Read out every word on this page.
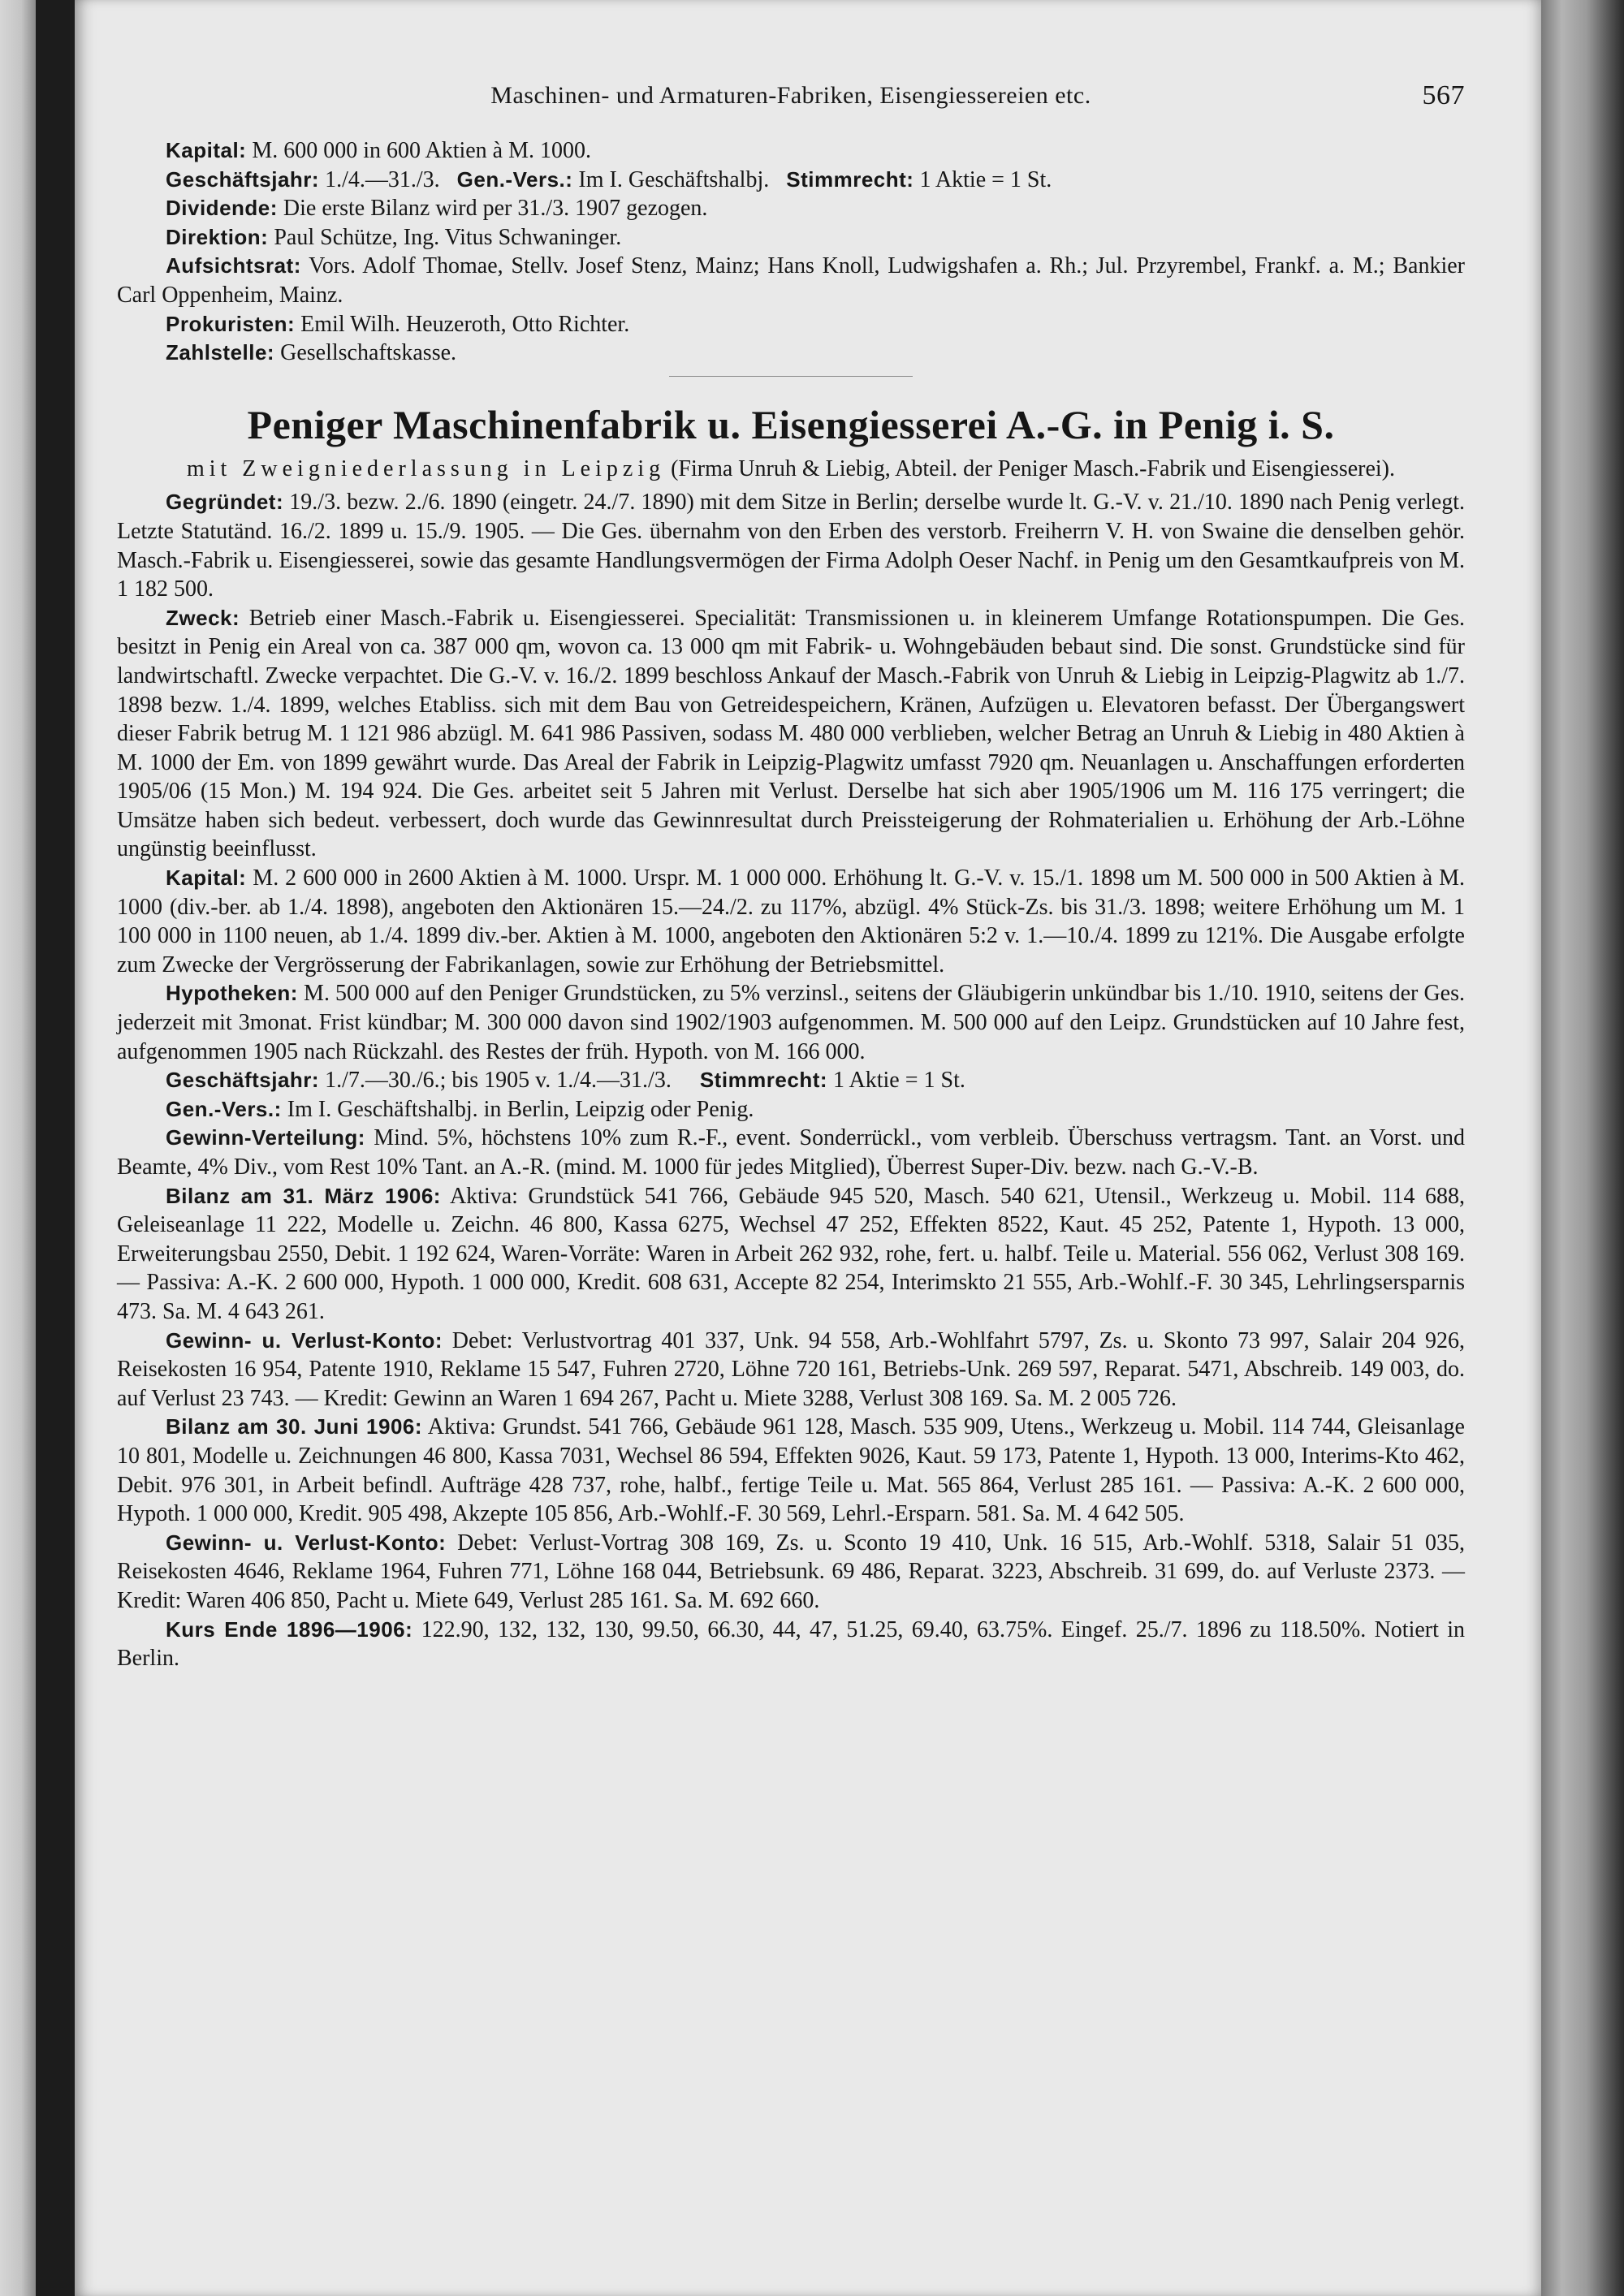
Maschinen- und Armaturen-Fabriken, Eisengiessereien etc.	567

Kapital: M. 600 000 in 600 Aktien à M. 1000.

Geschäftsjahr: 1./4.—31./3. Gen.-Vers.: Im I. Geschäftshalbj. Stimmrecht: 1 Aktie = 1 St.

Dividende: Die erste Bilanz wird per 31./3. 1907 gezogen.

Direktion: Paul Schütze, Ing. Vitus Schwaninger.

Aufsichtsrat: Vors. Adolf Thomae, Stellv. Josef Stenz, Mainz; Hans Knoll, Ludwigshafen a. Rh.; Jul. Przyrembel, Frankf. a. M.; Bankier Carl Oppenheim, Mainz.

Prokuristen: Emil Wilh. Heuzeroth, Otto Richter.

Zahlstelle: Gesellschaftskasse.

Peniger Maschinenfabrik u. Eisengiesserei A.-G. in Penig i. S.

mit Zweigniederlassung in Leipzig (Firma Unruh & Liebig, Abteil. der Peniger Masch.-Fabrik und Eisengiesserei).

Gegründet: 19./3. bezw. 2./6. 1890 (eingetr. 24./7. 1890) mit dem Sitze in Berlin; derselbe wurde lt. G.-V. v. 21./10. 1890 nach Penig verlegt. Letzte Statutänd. 16./2. 1899 u. 15./9. 1905. — Die Ges. übernahm von den Erben des verstorb. Freiherrn V. H. von Swaine die denselben gehör. Masch.-Fabrik u. Eisengiesserei, sowie das gesamte Handlungsvermögen der Firma Adolph Oeser Nachf. in Penig um den Gesamtkaufpreis von M. 1 182 500.

Zweck: Betrieb einer Masch.-Fabrik u. Eisengiesserei. Specialität: Transmissionen u. in kleinerem Umfange Rotationspumpen. Die Ges. besitzt in Penig ein Areal von ca. 387 000 qm, wovon ca. 13 000 qm mit Fabrik- u. Wohngebäuden bebaut sind. Die sonst. Grundstücke sind für landwirtschaftl. Zwecke verpachtet. Die G.-V. v. 16./2. 1899 beschloss Ankauf der Masch.-Fabrik von Unruh & Liebig in Leipzig-Plagwitz ab 1./7. 1898 bezw. 1./4. 1899, welches Etabliss. sich mit dem Bau von Getreidespeichern, Kränen, Aufzügen u. Elevatoren befasst. Der Übergangswert dieser Fabrik betrug M. 1 121 986 abzügl. M. 641 986 Passiven, sodass M. 480 000 verblieben, welcher Betrag an Unruh & Liebig in 480 Aktien à M. 1000 der Em. von 1899 gewährt wurde. Das Areal der Fabrik in Leipzig-Plagwitz umfasst 7920 qm. Neuanlagen u. Anschaffungen erforderten 1905/06 (15 Mon.) M. 194 924. Die Ges. arbeitet seit 5 Jahren mit Verlust. Derselbe hat sich aber 1905/1906 um M. 116 175 verringert; die Umsätze haben sich bedeut. verbessert, doch wurde das Gewinnresultat durch Preissteigerung der Rohmaterialien u. Erhöhung der Arb.-Löhne ungünstig beeinflusst.

Kapital: M. 2 600 000 in 2600 Aktien à M. 1000. Urspr. M. 1 000 000. Erhöhung lt. G.-V. v. 15./1. 1898 um M. 500 000 in 500 Aktien à M. 1000 (div.-ber. ab 1./4. 1898), angeboten den Aktionären 15.—24./2. zu 117%, abzügl. 4% Stück-Zs. bis 31./3. 1898; weitere Erhöhung um M. 1 100 000 in 1100 neuen, ab 1./4. 1899 div.-ber. Aktien à M. 1000, angeboten den Aktionären 5:2 v. 1.—10./4. 1899 zu 121%. Die Ausgabe erfolgte zum Zwecke der Vergrösserung der Fabrikanlagen, sowie zur Erhöhung der Betriebsmittel.

Hypotheken: M. 500 000 auf den Peniger Grundstücken, zu 5% verzinsl., seitens der Gläubigerin unkündbar bis 1./10. 1910, seitens der Ges. jederzeit mit 3monat. Frist kündbar; M. 300 000 davon sind 1902/1903 aufgenommen. M. 500 000 auf den Leipz. Grundstücken auf 10 Jahre fest, aufgenommen 1905 nach Rückzahl. des Restes der früh. Hypoth. von M. 166 000.

Geschäftsjahr: 1./7.—30./6.; bis 1905 v. 1./4.—31./3. Stimmrecht: 1 Aktie = 1 St.

Gen.-Vers.: Im I. Geschäftshalbj. in Berlin, Leipzig oder Penig.

Gewinn-Verteilung: Mind. 5%, höchstens 10% zum R.-F., event. Sonderrückl., vom verbleib. Überschuss vertragsm. Tant. an Vorst. und Beamte, 4% Div., vom Rest 10% Tant. an A.-R. (mind. M. 1000 für jedes Mitglied), Überrest Super-Div. bezw. nach G.-V.-B.

Bilanz am 31. März 1906: Aktiva: Grundstück 541 766, Gebäude 945 520, Masch. 540 621, Utensil., Werkzeug u. Mobil. 114 688, Geleiseanlage 11 222, Modelle u. Zeichn. 46 800, Kassa 6275, Wechsel 47 252, Effekten 8522, Kaut. 45 252, Patente 1, Hypoth. 13 000, Erweiterungsbau 2550, Debit. 1 192 624, Waren-Vorräte: Waren in Arbeit 262 932, rohe, fert. u. halbf. Teile u. Material. 556 062, Verlust 308 169. — Passiva: A.-K. 2 600 000, Hypoth. 1 000 000, Kredit. 608 631, Accepte 82 254, Interimskto 21 555, Arb.-Wohlf.-F. 30 345, Lehrlingsersparnis 473. Sa. M. 4 643 261.

Gewinn- u. Verlust-Konto: Debet: Verlustvortrag 401 337, Unk. 94 558, Arb.-Wohlfahrt 5797, Zs. u. Skonto 73 997, Salair 204 926, Reisekosten 16 954, Patente 1910, Reklame 15 547, Fuhren 2720, Löhne 720 161, Betriebs-Unk. 269 597, Reparat. 5471, Abschreib. 149 003, do. auf Verlust 23 743. — Kredit: Gewinn an Waren 1 694 267, Pacht u. Miete 3288, Verlust 308 169. Sa. M. 2 005 726.

Bilanz am 30. Juni 1906: Aktiva: Grundst. 541 766, Gebäude 961 128, Masch. 535 909, Utens., Werkzeug u. Mobil. 114 744, Gleisanlage 10 801, Modelle u. Zeichnungen 46 800, Kassa 7031, Wechsel 86 594, Effekten 9026, Kaut. 59 173, Patente 1, Hypoth. 13 000, Interims-Kto 462, Debit. 976 301, in Arbeit befindl. Aufträge 428 737, rohe, halbf., fertige Teile u. Mat. 565 864, Verlust 285 161. — Passiva: A.-K. 2 600 000, Hypoth. 1 000 000, Kredit. 905 498, Akzepte 105 856, Arb.-Wohlf.-F. 30 569, Lehrl.-Ersparn. 581. Sa. M. 4 642 505.

Gewinn- u. Verlust-Konto: Debet: Verlust-Vortrag 308 169, Zs. u. Sconto 19 410, Unk. 16 515, Arb.-Wohlf. 5318, Salair 51 035, Reisekosten 4646, Reklame 1964, Fuhren 771, Löhne 168 044, Betriebsunk. 69 486, Reparat. 3223, Abschreib. 31 699, do. auf Verluste 2373. — Kredit: Waren 406 850, Pacht u. Miete 649, Verlust 285 161. Sa. M. 692 660.

Kurs Ende 1896—1906: 122.90, 132, 132, 130, 99.50, 66.30, 44, 47, 51.25, 69.40, 63.75%. Eingef. 25./7. 1896 zu 118.50%. Notiert in Berlin.
